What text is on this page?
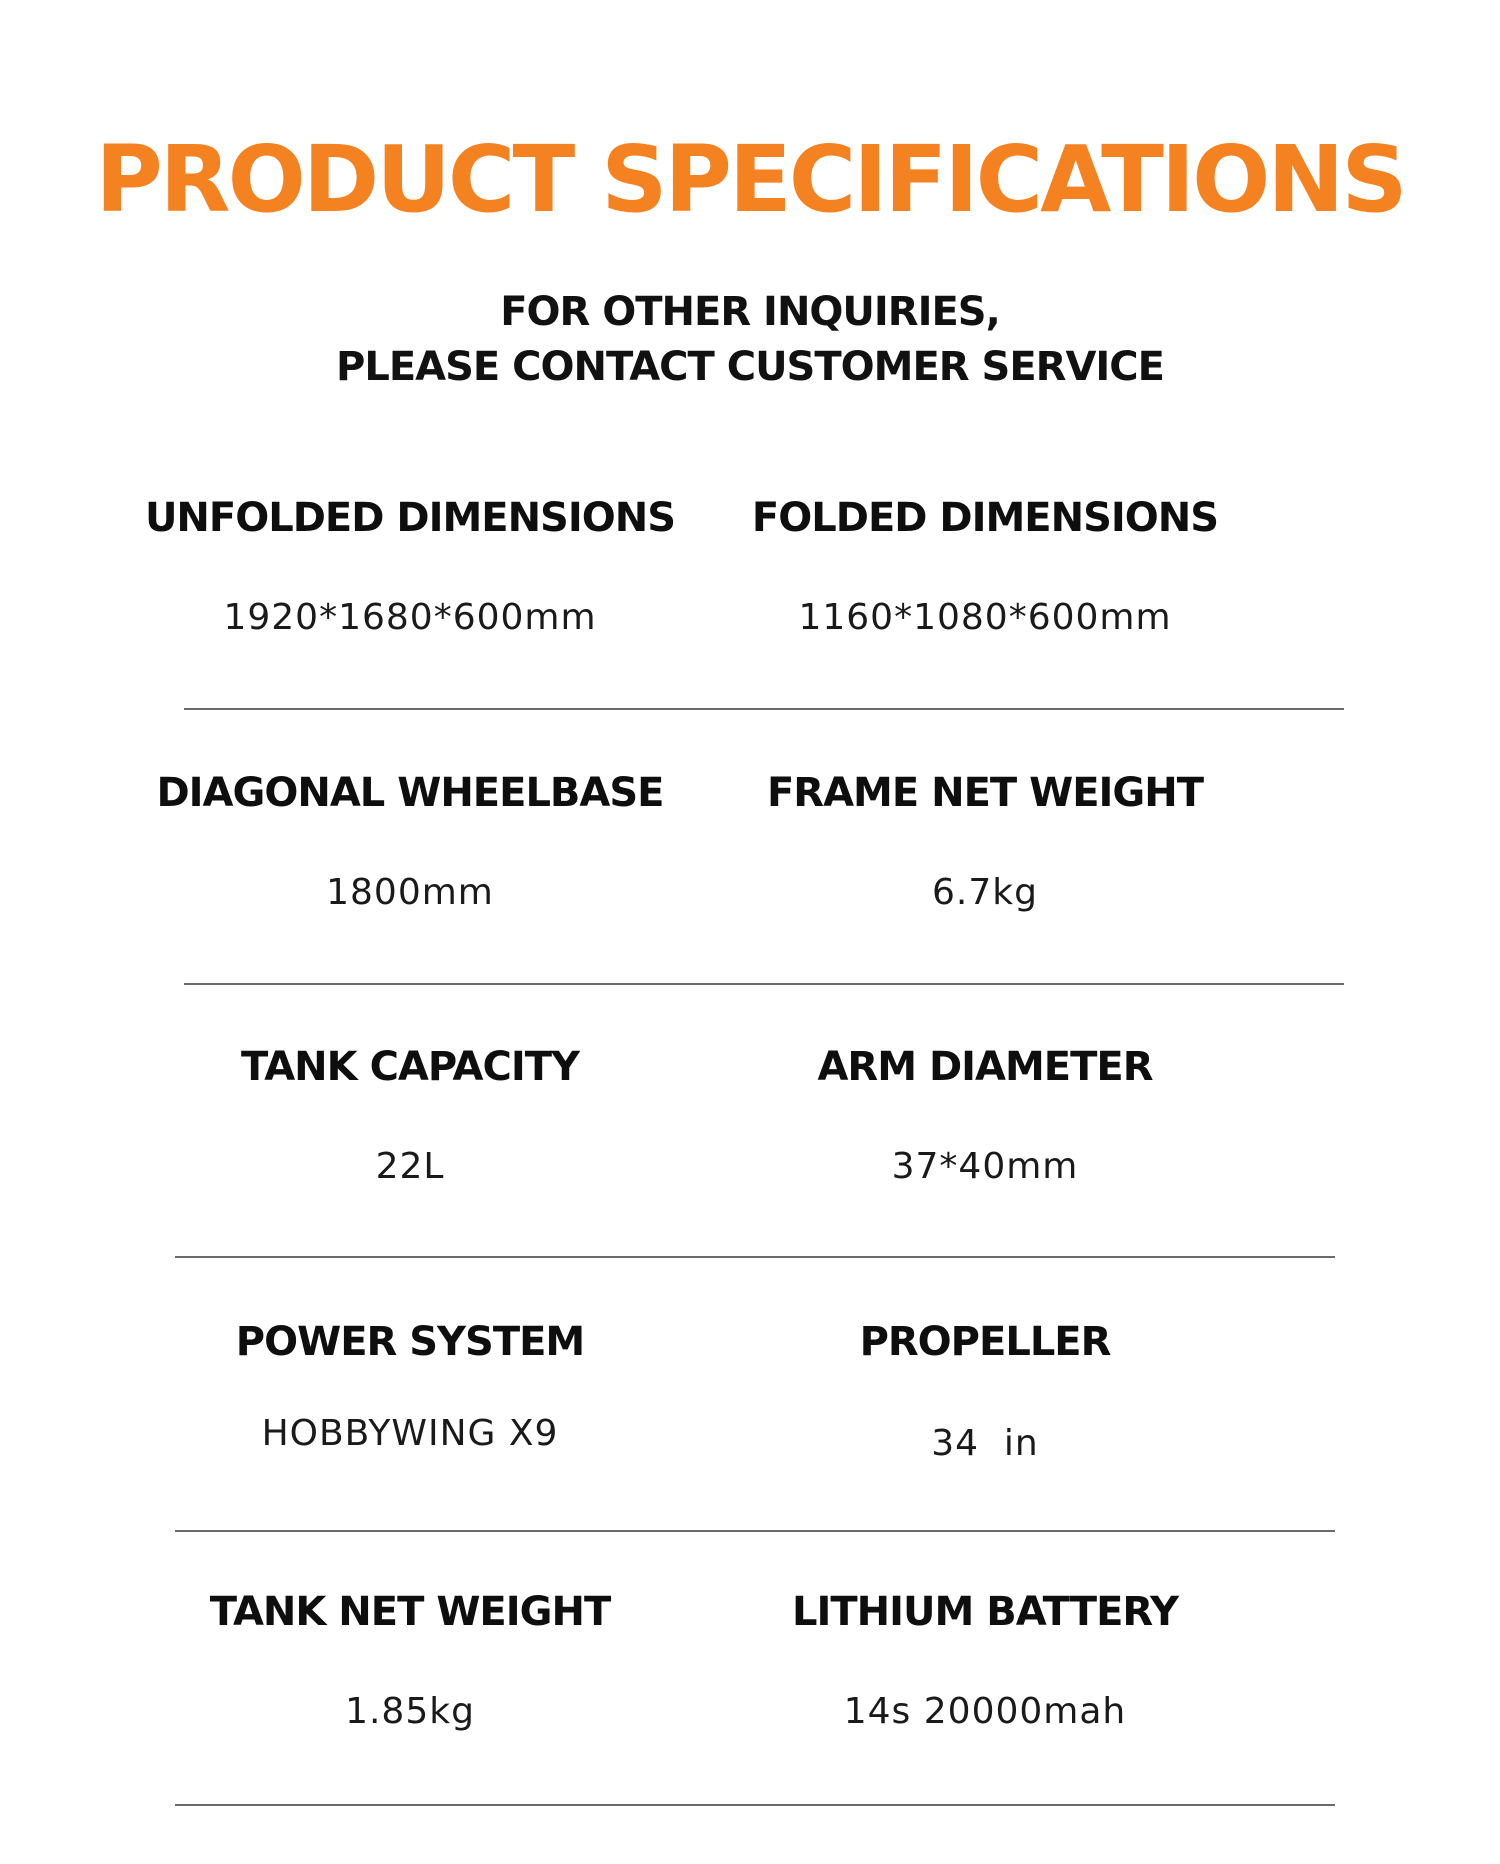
PRODUCT SPECIFICATIONS
FOR OTHER INQUIRIES,
PLEASE CONTACT CUSTOMER SERVICE
UNFOLDED DIMENSIONS
1920*1680*600mm
FOLDED DIMENSIONS
1160*1080*600mm
DIAGONAL WHEELBASE
1800mm
FRAME NET WEIGHT
6.7kg
TANK CAPACITY
22L
ARM DIAMETER
37*40mm
POWER SYSTEM
HOBBYWING X9
PROPELLER
34  in
TANK NET WEIGHT
1.85kg
LITHIUM BATTERY
14s 20000mah
